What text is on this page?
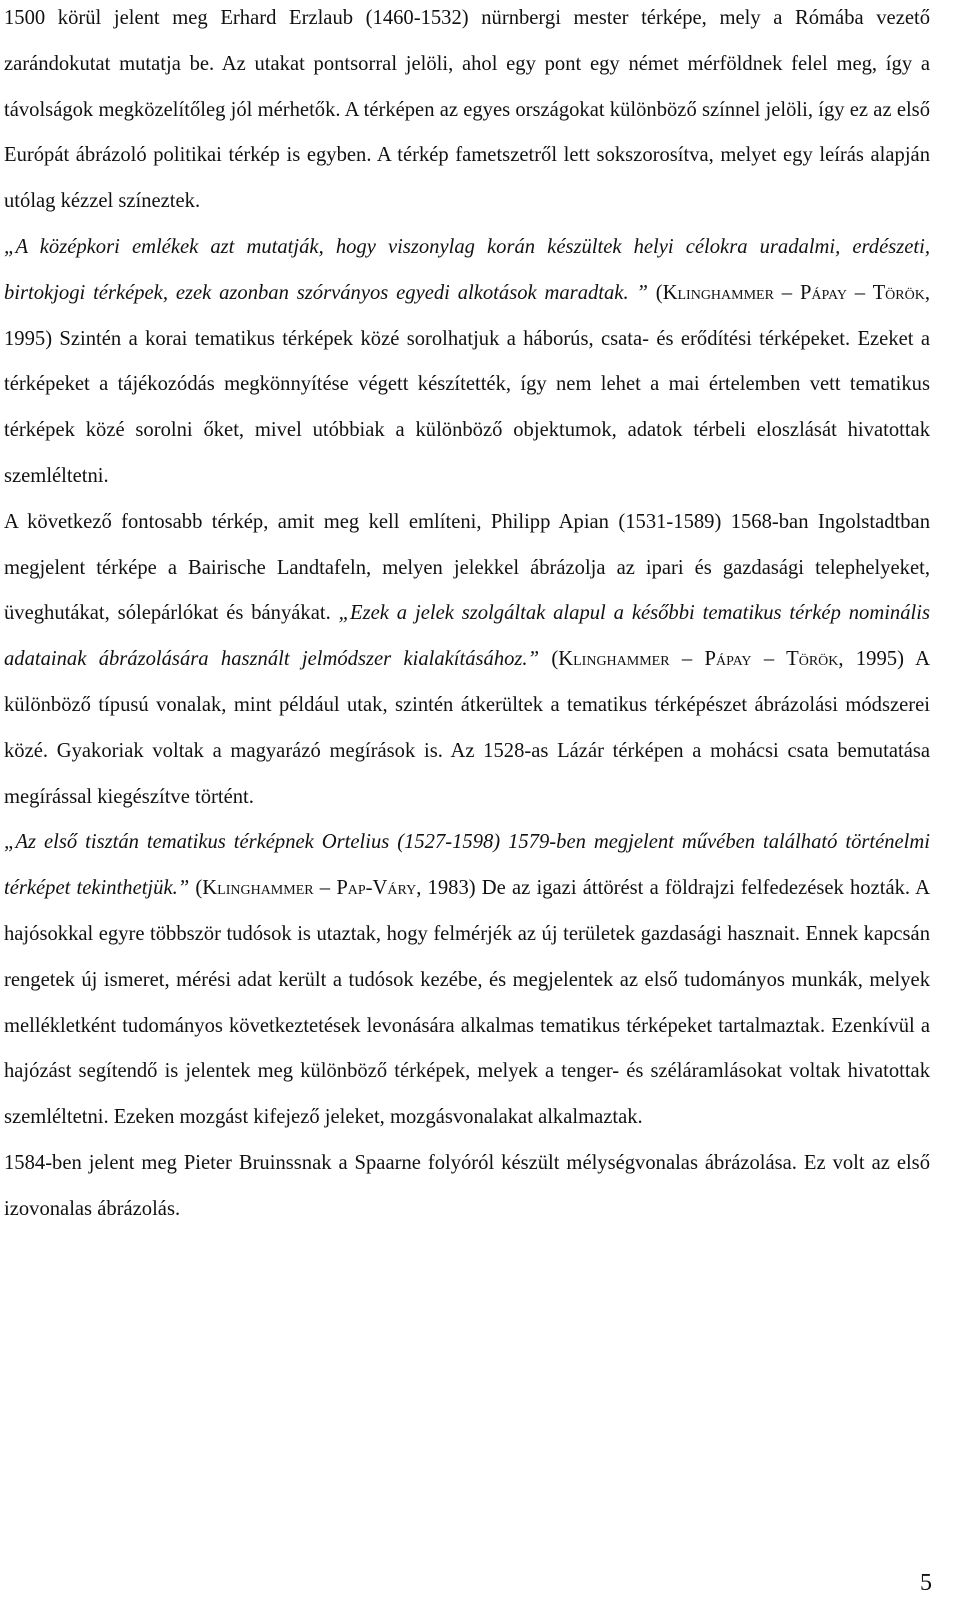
1500 körül jelent meg Erhard Erzlaub (1460-1532) nürnbergi mester térképe, mely a Rómába vezető zarándokutat mutatja be. Az utakat pontsorral jelöli, ahol egy pont egy német mérföldnek felel meg, így a távolságok megközelítőleg jól mérhetők. A térképen az egyes országokat különböző színnel jelöli, így ez az első Európát ábrázoló politikai térkép is egyben. A térkép fametszetről lett sokszorosítva, melyet egy leírás alapján utólag kézzel színeztek.

„A középkori emlékek azt mutatják, hogy viszonylag korán készültek helyi célokra uradalmi, erdészeti, birtokjogi térképek, ezek azonban szórványos egyedi alkotások maradtak. ” (Klinghammer – Pápay – Török, 1995) Szintén a korai tematikus térképek közé sorolhatjuk a háborús, csata- és erődítési térképeket. Ezeket a térképeket a tájékozódás megkönnyítése végett készítették, így nem lehet a mai értelemben vett tematikus térképek közé sorolni őket, mivel utóbbiak a különböző objektumok, adatok térbeli eloszlását hivatottak szemléltetni.

A következő fontosabb térkép, amit meg kell említeni, Philipp Apian (1531-1589) 1568-ban Ingolstadtban megjelent térképe a Bairische Landtafeln, melyen jelekkel ábrázolja az ipari és gazdasági telephelyeket, üveghutákat, sólepárlókat és bányákat. „Ezek a jelek szolgáltak alapul a későbbi tematikus térkép nominális adatainak ábrázolására használt jelmódszer kialakításához.” (Klinghammer – Pápay – Török, 1995) A különböző típusú vonalak, mint például utak, szintén átkerültek a tematikus térképészet ábrázolási módszerei közé. Gyakoriak voltak a magyarázó megírások is. Az 1528-as Lázár térképen a mohácsi csata bemutatása megírással kiegészítve történt.

„Az első tisztán tematikus térképnek Ortelius (1527-1598) 1579-ben megjelent művében található történelmi térképet tekinthetjük.” (Klinghammer – Pap-Váry, 1983) De az igazi áttörést a földrajzi felfedezések hozták. A hajósokkal egyre többször tudósok is utaztak, hogy felmérjék az új területek gazdasági hasznait. Ennek kapcsán rengetek új ismeret, mérési adat került a tudósok kezébe, és megjelentek az első tudományos munkák, melyek mellékletként tudományos következtetések levonására alkalmas tematikus térképeket tartalmaztak. Ezenkívül a hajózást segítendő is jelentek meg különböző térképek, melyek a tenger- és széláramlásokat voltak hivatottak szemléltetni. Ezeken mozgást kifejező jeleket, mozgásvonalakat alkalmaztak.

1584-ben jelent meg Pieter Bruinssnak a Spaarne folyóról készült mélységvonalas ábrázolása. Ez volt az első izovonalas ábrázolás.

5
